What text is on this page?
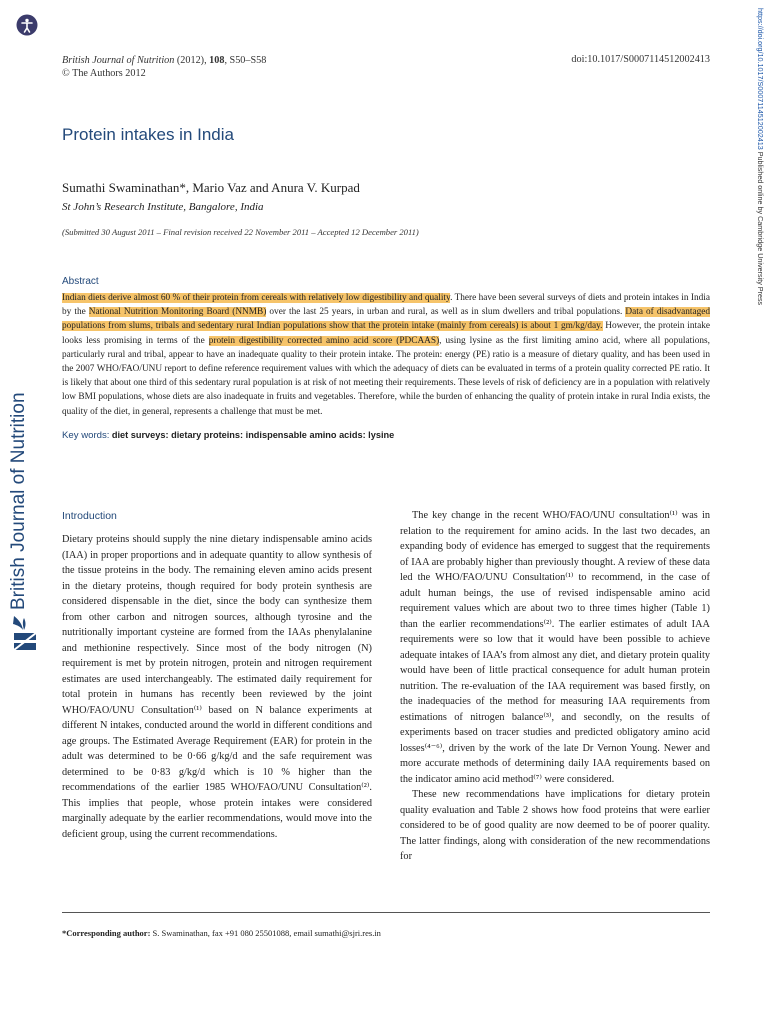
https://doi.org/10.1017/S0007114512002413 Published online by Cambridge University Press
British Journal of Nutrition
British Journal of Nutrition (2012), 108, S50–S58
© The Authors 2012
doi:10.1017/S0007114512002413
Protein intakes in India
Sumathi Swaminathan*, Mario Vaz and Anura V. Kurpad
St John’s Research Institute, Bangalore, India
(Submitted 30 August 2011 – Final revision received 22 November 2011 – Accepted 12 December 2011)
Abstract
Indian diets derive almost 60 % of their protein from cereals with relatively low digestibility and quality. There have been several surveys of diets and protein intakes in India by the National Nutrition Monitoring Board (NNMB) over the last 25 years, in urban and rural, as well as in slum dwellers and tribal populations. Data of disadvantaged populations from slums, tribals and sedentary rural Indian populations show that the protein intake (mainly from cereals) is about 1 gm/kg/day. However, the protein intake looks less promising in terms of the protein digestibility corrected amino acid score (PDCAAS), using lysine as the first limiting amino acid, where all populations, particularly rural and tribal, appear to have an inadequate quality to their protein intake. The protein: energy (PE) ratio is a measure of dietary quality, and has been used in the 2007 WHO/FAO/UNU report to define reference requirement values with which the adequacy of diets can be evaluated in terms of a protein quality corrected PE ratio. It is likely that about one third of this sedentary rural population is at risk of not meeting their requirements. These levels of risk of deficiency are in a population with relatively low BMI populations, whose diets are also inadequate in fruits and vegetables. Therefore, while the burden of enhancing the quality of protein intake in rural India exists, the quality of the diet, in general, represents a challenge that must be met.
Key words: diet surveys: dietary proteins: indispensable amino acids: lysine
Introduction

Dietary proteins should supply the nine dietary indispensable amino acids (IAA) in proper proportions and in adequate quantity to allow synthesis of the tissue proteins in the body. The remaining eleven amino acids present in the dietary proteins, though required for body protein synthesis are considered dispensable in the diet, since the body can synthesize them from other carbon and nitrogen sources, although tyrosine and the nutritionally important cysteine are formed from the IAAs phenylalanine and methionine respectively. Since most of the body nitrogen (N) requirement is met by protein nitrogen, protein and nitrogen requirement estimates are used interchangeably. The estimated daily requirement for total protein in humans has recently been reviewed by the joint WHO/FAO/UNU Consultation⁽¹⁾ based on N balance experiments at different N intakes, conducted around the world in different conditions and age groups. The Estimated Average Requirement (EAR) for protein in the adult was determined to be 0·66 g/kg/d and the safe requirement was determined to be 0·83 g/kg/d which is 10 % higher than the recommendations of the earlier 1985 WHO/FAO/UNU Consultation⁽²⁾. This implies that people, whose protein intakes were considered marginally adequate by the earlier recommendations, would move into the deficient group, using the current recommendations.

The key change in the recent WHO/FAO/UNU consultation⁽¹⁾ was in relation to the requirement for amino acids. In the last two decades, an expanding body of evidence has emerged to suggest that the requirements of IAA are probably higher than previously thought. A review of these data led the WHO/FAO/UNU Consultation⁽¹⁾ to recommend, in the case of adult human beings, the use of revised indispensable amino acid requirement values which are about two to three times higher (Table 1) than the earlier recommendations⁽²⁾. The earlier estimates of adult IAA requirements were so low that it would have been possible to achieve adequate intakes of IAA’s from almost any diet, and dietary protein quality would have been of little practical consequence for adult human protein nutrition. The re-evaluation of the IAA requirement was based firstly, on the inadequacies of the method for measuring IAA requirements from estimations of nitrogen balance⁽³⁾, and secondly, on the results of experiments based on tracer studies and predicted obligatory amino acid losses⁽⁴⁻⁶⁾, driven by the work of the late Dr Vernon Young. Newer and more accurate methods of determining daily IAA requirements based on the indicator amino acid method⁽⁷⁾ were considered.

These new recommendations have implications for dietary protein quality evaluation and Table 2 shows how food proteins that were earlier considered to be of good quality are now deemed to be of poorer quality. The latter findings, along with consideration of the new recommendations for

*Corresponding author: S. Swaminathan, fax +91 080 25501088, email sumathi@sjri.res.in
